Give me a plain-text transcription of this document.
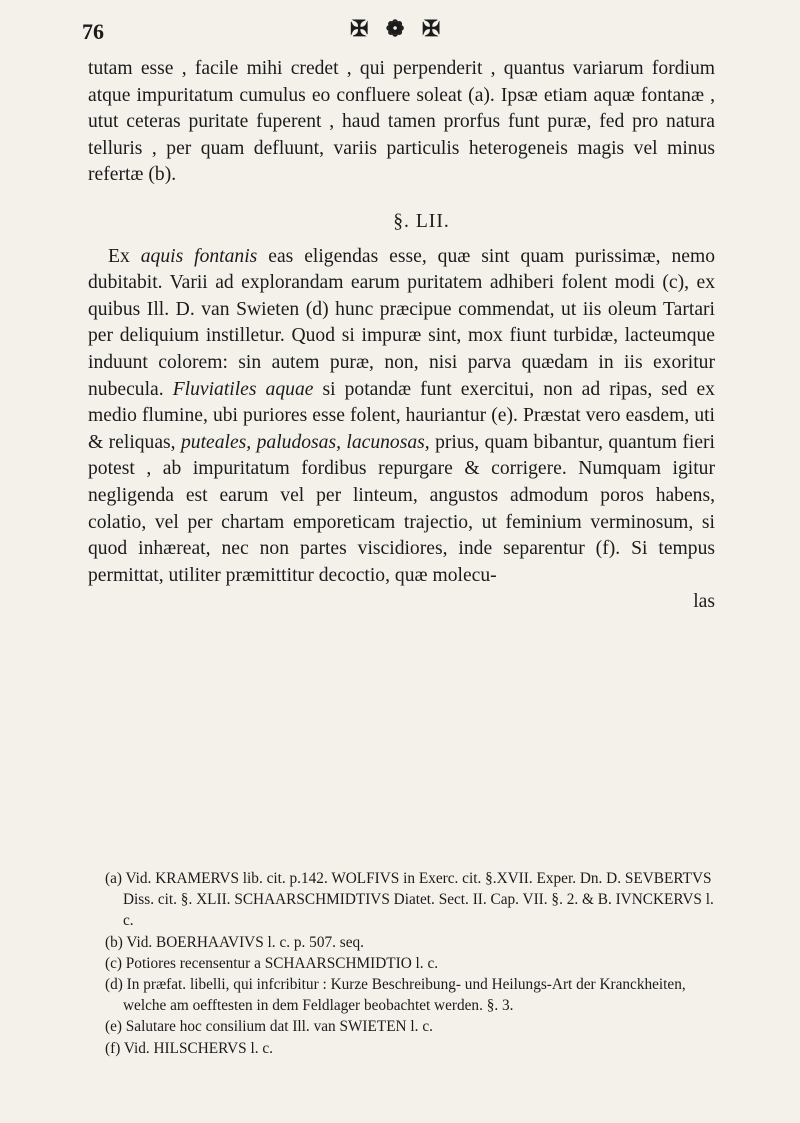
76	✠ ❁ ✠

tutam esse , facile mihi credet , qui perpenderit , quantus variarum fordium atque impuritatum cumulus eo confluere soleat (a). Ipsæ etiam aquæ fontanæ , utut ceteras puritate fuperent , haud tamen prorfus funt puræ, fed pro natura telluris , per quam defluunt, variis particulis heterogeneis magis vel minus refertæ (b).

§. LII.

Ex aquis fontanis eas eligendas esse, quæ sint quam purissimæ, nemo dubitabit. Varii ad explorandam earum puritatem adhiberi folent modi (c), ex quibus Ill. D. van Swieten (d) hunc præcipue commendat, ut iis oleum Tartari per deliquium instilletur. Quod si impuræ sint, mox fiunt turbidæ, lacteumque induunt colorem: sin autem puræ, non, nisi parva quædam in iis exoritur nubecula. Fluviatiles aquae si potandæ funt exercitui, non ad ripas, sed ex medio flumine, ubi puriores esse folent, hauriantur (e). Præstat vero easdem, uti & reliquas, puteales, paludosas, lacunosas, prius, quam bibantur, quantum fieri potest , ab impuritatum fordibus repurgare & corrigere. Numquam igitur negligenda est earum vel per linteum, angustos admodum poros habens, colatio, vel per chartam emporeticam trajectio, ut feminium verminosum, si quod inhæreat, nec non partes viscidiores, inde separentur (f). Si tempus permittat, utiliter præmittitur decoctio, quæ molecu-

las

(a) Vid. KRAMERVS lib. cit. p.142. WOLFIVS in Exerc. cit. §.XVII. Exper. Dn. D. SEVBERTVS Diss. cit. §. XLII. SCHAARSCHMIDTIVS Diatet. Sect. II. Cap. VII. §. 2. & B. IVNCKERVS l. c.

(b) Vid. BOERHAAVIVS l. c. p. 507. seq.

(c) Potiores recensentur a SCHAARSCHMIDTIO l. c.

(d) In præfat. libelli, qui infcribitur : Kurze Beschreibung- und Heilungs-Art der Kranckheiten, welche am oefftesten in dem Feldlager beobachtet werden. §. 3.

(e) Salutare hoc consilium dat Ill. van SWIETEN l. c.

(f) Vid. HILSCHERVS l. c.
